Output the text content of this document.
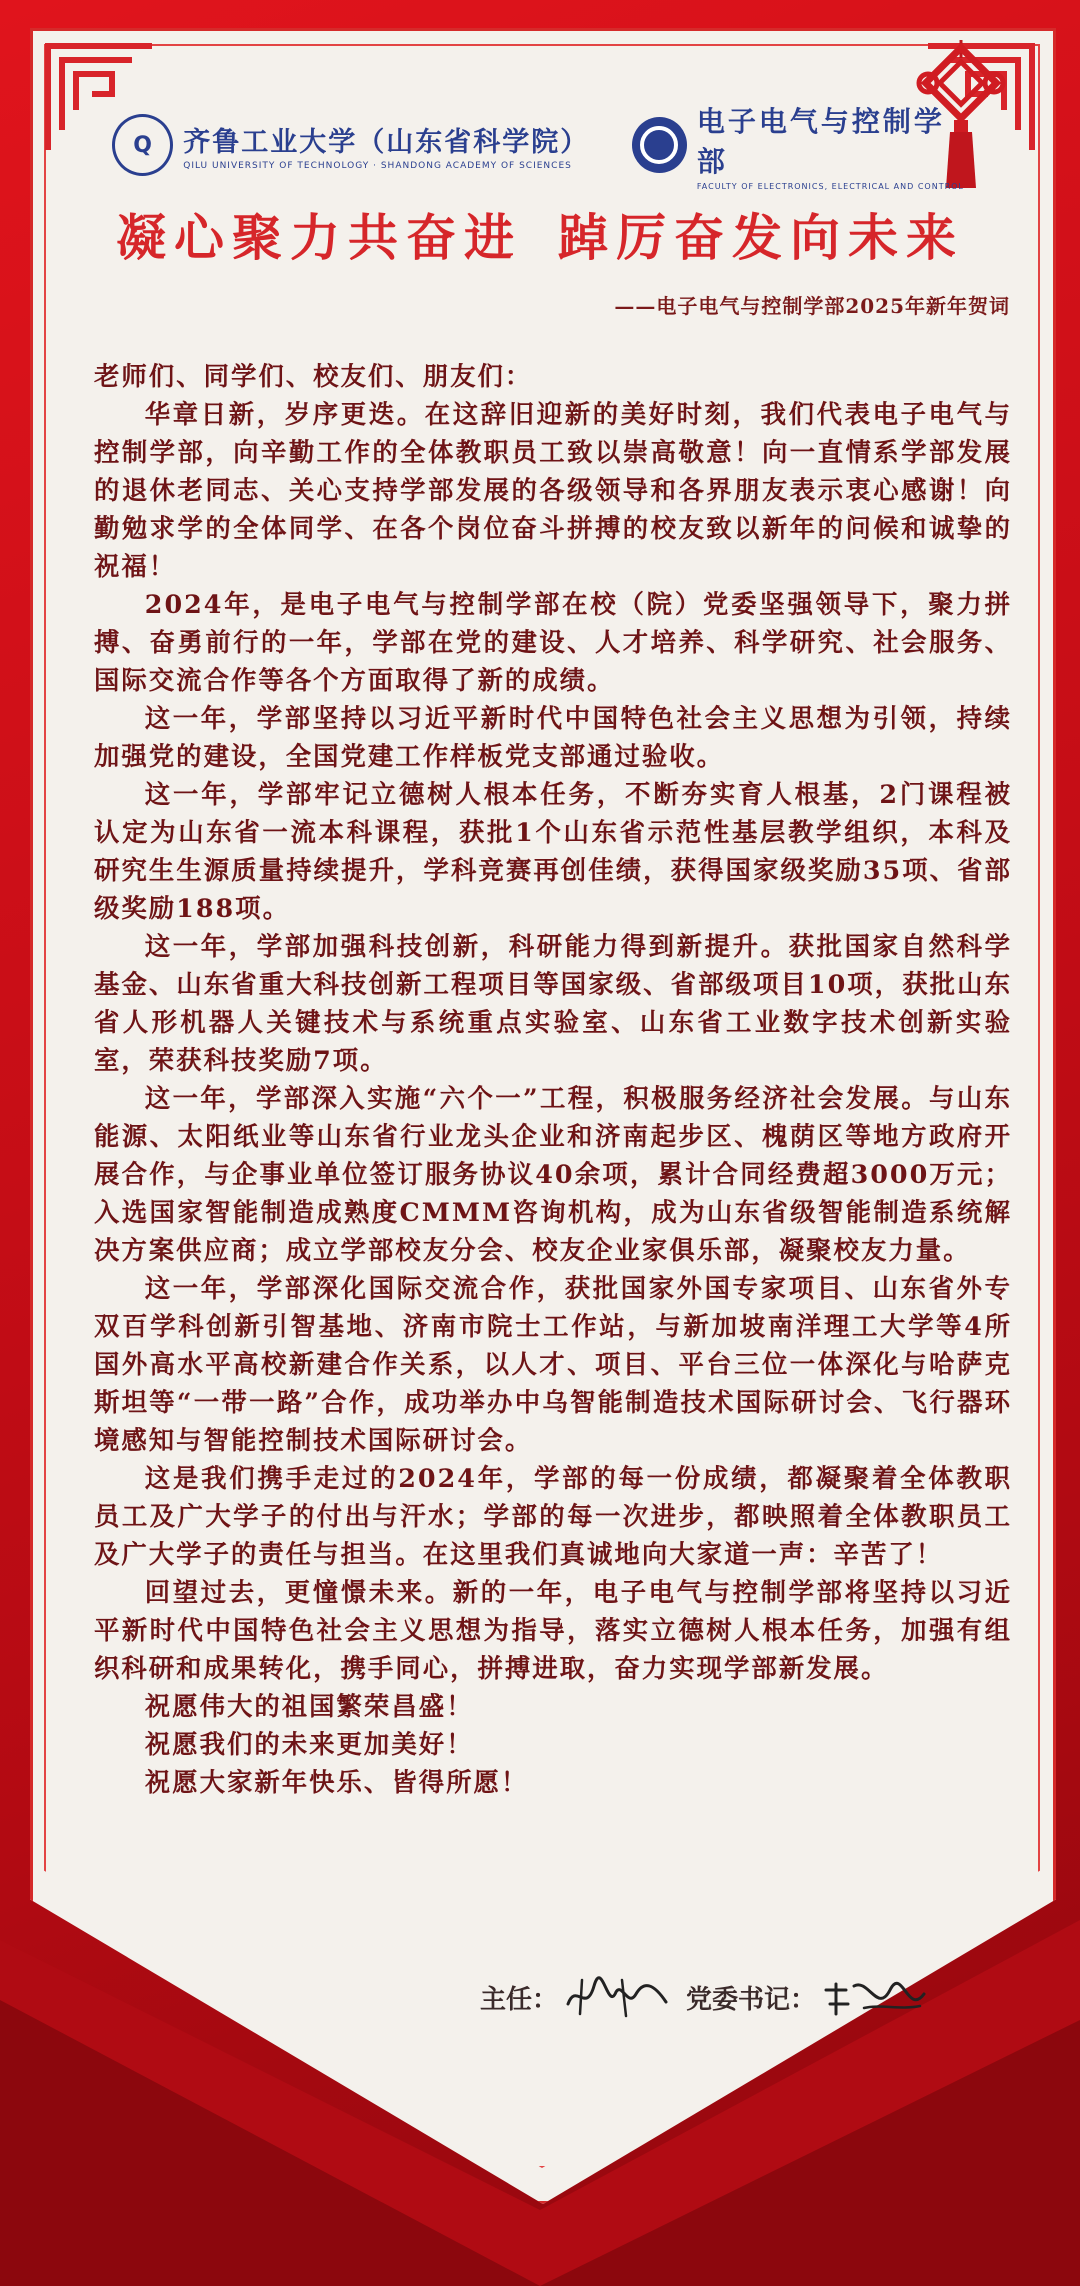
Q	齐鲁工业大学（山东省科学院）
QILU UNIVERSITY OF TECHNOLOGY · SHANDONG ACADEMY OF SCIENCES
电子电气与控制学部
FACULTY OF ELECTRONICS, ELECTRICAL AND CONTROL
凝心聚力共奋进 踔厉奋发向未来
——电子电气与控制学部2025年新年贺词

老师们、同学们、校友们、朋友们：

华章日新，岁序更迭。在这辞旧迎新的美好时刻，我们代表电子电气与控制学部，向辛勤工作的全体教职员工致以崇高敬意！向一直情系学部发展的退休老同志、关心支持学部发展的各级领导和各界朋友表示衷心感谢！向勤勉求学的全体同学、在各个岗位奋斗拼搏的校友致以新年的问候和诚挚的祝福！

2024年，是电子电气与控制学部在校（院）党委坚强领导下，聚力拼搏、奋勇前行的一年，学部在党的建设、人才培养、科学研究、社会服务、国际交流合作等各个方面取得了新的成绩。

这一年，学部坚持以习近平新时代中国特色社会主义思想为引领，持续加强党的建设，全国党建工作样板党支部通过验收。

这一年，学部牢记立德树人根本任务，不断夯实育人根基，2门课程被认定为山东省一流本科课程，获批1个山东省示范性基层教学组织，本科及研究生生源质量持续提升，学科竞赛再创佳绩，获得国家级奖励35项、省部级奖励188项。

这一年，学部加强科技创新，科研能力得到新提升。获批国家自然科学基金、山东省重大科技创新工程项目等国家级、省部级项目10项，获批山东省人形机器人关键技术与系统重点实验室、山东省工业数字技术创新实验室，荣获科技奖励7项。

这一年，学部深入实施“六个一”工程，积极服务经济社会发展。与山东能源、太阳纸业等山东省行业龙头企业和济南起步区、槐荫区等地方政府开展合作，与企事业单位签订服务协议40余项，累计合同经费超3000万元；入选国家智能制造成熟度CMMM咨询机构，成为山东省级智能制造系统解决方案供应商；成立学部校友分会、校友企业家俱乐部，凝聚校友力量。

这一年，学部深化国际交流合作，获批国家外国专家项目、山东省外专双百学科创新引智基地、济南市院士工作站，与新加坡南洋理工大学等4所国外高水平高校新建合作关系，以人才、项目、平台三位一体深化与哈萨克斯坦等“一带一路”合作，成功举办中乌智能制造技术国际研讨会、飞行器环境感知与智能控制技术国际研讨会。

这是我们携手走过的2024年，学部的每一份成绩，都凝聚着全体教职员工及广大学子的付出与汗水；学部的每一次进步，都映照着全体教职员工及广大学子的责任与担当。在这里我们真诚地向大家道一声：辛苦了！

回望过去，更憧憬未来。新的一年，电子电气与控制学部将坚持以习近平新时代中国特色社会主义思想为指导，落实立德树人根本任务，加强有组织科研和成果转化，携手同心，拼搏进取，奋力实现学部新发展。

祝愿伟大的祖国繁荣昌盛！

祝愿我们的未来更加美好！

祝愿大家新年快乐、皆得所愿！

主任：	党委书记：
